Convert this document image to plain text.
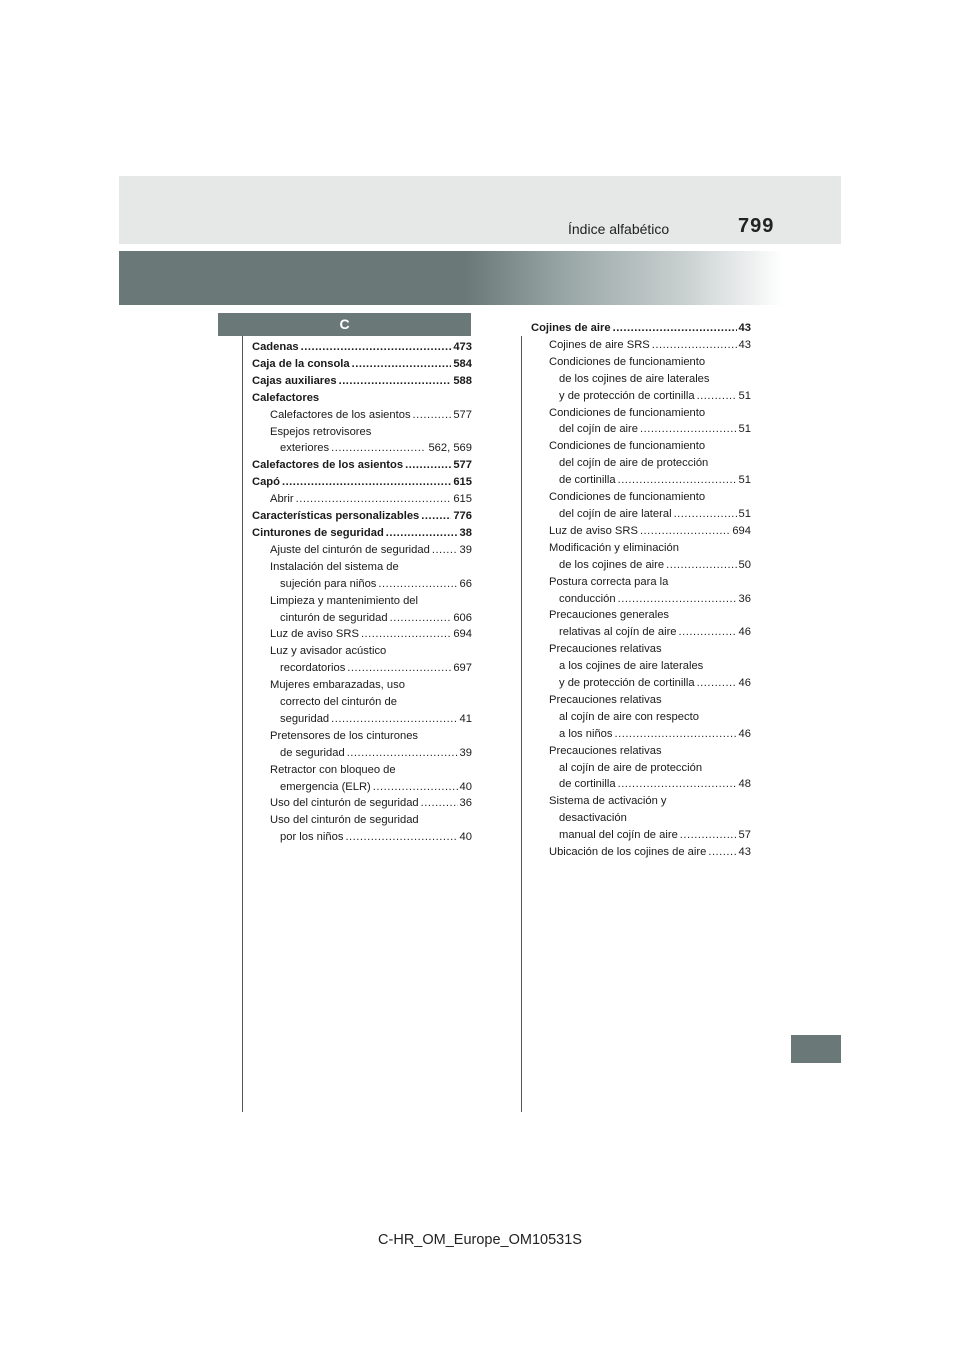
Índice alfabético	799
C
Cadenas .....	473
Caja de la consola .....	584
Cajas auxiliares .....	588
Calefactores
Calefactores de los asientos .....	577
Espejos retrovisores
exteriores .....	562, 569
Calefactores de los asientos .....	577
Capó .....	615
Abrir .....	615
Características personalizables .....	776
Cinturones de seguridad .....	38
Ajuste del cinturón de seguridad .....	39
Instalación del sistema de
sujeción para niños .....	66
Limpieza y mantenimiento del
cinturón de seguridad .....	606
Luz de aviso SRS .....	694
Luz y avisador acústico
recordatorios .....	697
Mujeres embarazadas, uso
correcto del cinturón de
seguridad .....	41
Pretensores de los cinturones
de seguridad .....	39
Retractor con bloqueo de
emergencia (ELR) .....	40
Uso del cinturón de seguridad .....	36
Uso del cinturón de seguridad
por los niños .....	40
Cojines de aire .....	43
Cojines de aire SRS .....	43
Condiciones de funcionamiento
de los cojines de aire laterales
y de protección de cortinilla .....	51
Condiciones de funcionamiento
del cojín de aire .....	51
Condiciones de funcionamiento
del cojín de aire de protección
de cortinilla .....	51
Condiciones de funcionamiento
del cojín de aire lateral .....	51
Luz de aviso SRS .....	694
Modificación y eliminación
de los cojines de aire .....	50
Postura correcta para la
conducción .....	36
Precauciones generales
relativas al cojín de aire .....	46
Precauciones relativas
a los cojines de aire laterales
y de protección de cortinilla .....	46
Precauciones relativas
al cojín de aire con respecto
a los niños .....	46
Precauciones relativas
al cojín de aire de protección
de cortinilla .....	48
Sistema de activación y
desactivación
manual del cojín de aire .....	57
Ubicación de los cojines de aire .....	43
C-HR_OM_Europe_OM10531S
